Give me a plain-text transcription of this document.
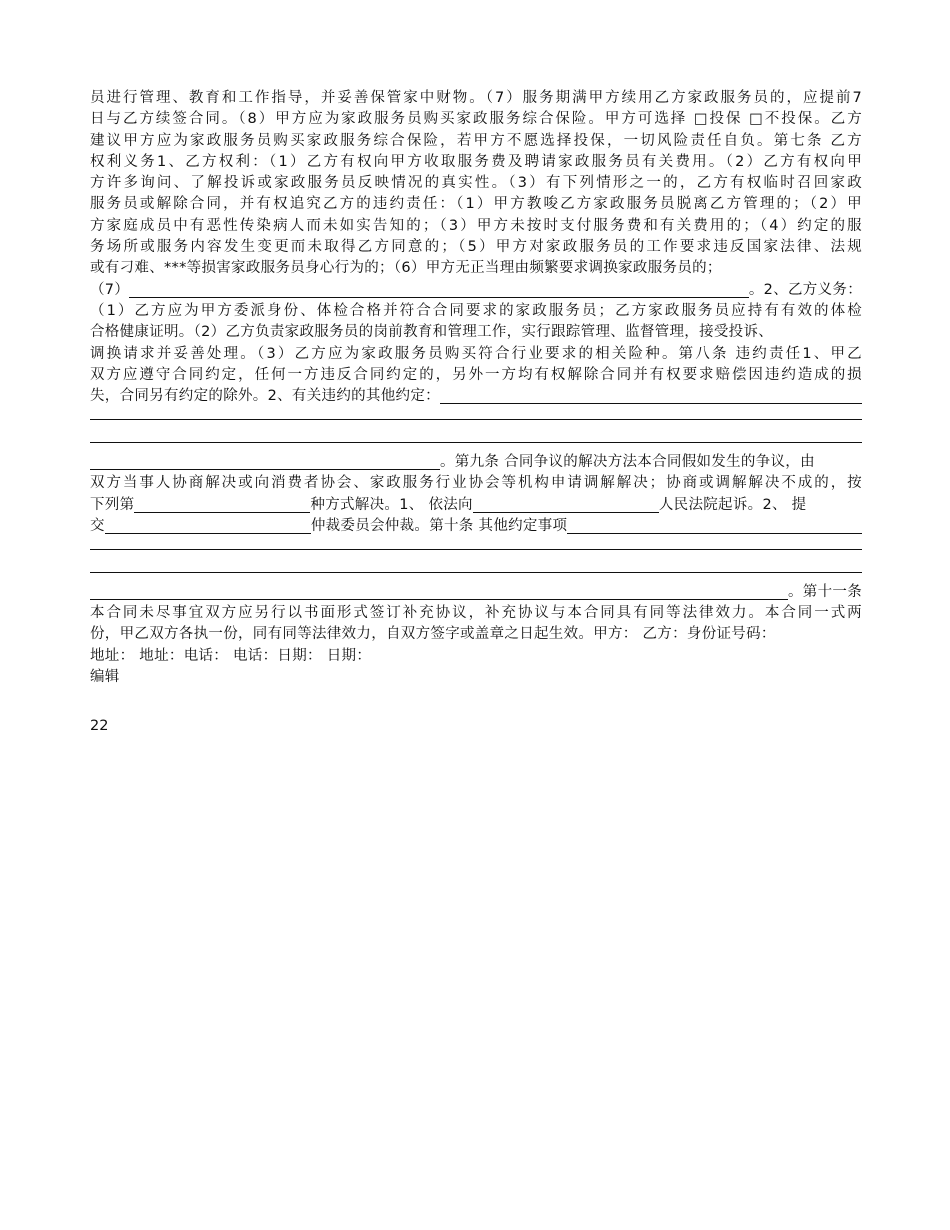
员进行管理、教育和工作指导，并妥善保管家中财物。（7）服务期满甲方续用乙方家政服务员的，应提前7
日与乙方续签合同。（8）甲方应为家政服务员购买家政服务综合保险。甲方可选择 □投保 □不投保。乙方
建议甲方应为家政服务员购买家政服务综合保险，若甲方不愿选择投保，一切风险责任自负。第七条 乙方
权利义务1、乙方权利：（1）乙方有权向甲方收取服务费及聘请家政服务员有关费用。（2）乙方有权向甲
方许多询问、了解投诉或家政服务员反映情况的真实性。（3）有下列情形之一的，乙方有权临时召回家政
服务员或解除合同，并有权追究乙方的违约责任：（1）甲方教唆乙方家政服务员脱离乙方管理的；（2）甲
方家庭成员中有恶性传染病人而未如实告知的；（3）甲方未按时支付服务费和有关费用的；（4）约定的服
务场所或服务内容发生变更而未取得乙方同意的；（5）甲方对家政服务员的工作要求违反国家法律、法规
或有刁难、***等损害家政服务员身心行为的；（6）甲方无正当理由频繁要求调换家政服务员的；
（7）	。2、乙方义务：
（1）乙方应为甲方委派身份、体检合格并符合合同要求的家政服务员；乙方家政服务员应持有有效的体检
合格健康证明。（2）乙方负责家政服务员的岗前教育和管理工作，实行跟踪管理、监督管理，接受投诉、
调换请求并妥善处理。（3）乙方应为家政服务员购买符合行业要求的相关险种。第八条 违约责任1、甲乙
双方应遵守合同约定，任何一方违反合同约定的，另外一方均有权解除合同并有权要求赔偿因违约造成的损
失，合同另有约定的除外。2、有关违约的其他约定：
。第九条 合同争议的解决方法本合同假如发生的争议，由
双方当事人协商解决或向消费者协会、家政服务行业协会等机构申请调解解决；协商或调解解决不成的，按
下列第	种方式解决。1、 依法向	人民法院起诉。2、 提
交	仲裁委员会仲裁。第十条 其他约定事项
。第十一条
本合同未尽事宜双方应另行以书面形式签订补充协议，补充协议与本合同具有同等法律效力。本合同一式两
份，甲乙双方各执一份，同有同等法律效力，自双方签字或盖章之日起生效。甲方： 乙方：身份证号码：
地址： 地址：电话： 电话：日期： 日期：
编辑
22
